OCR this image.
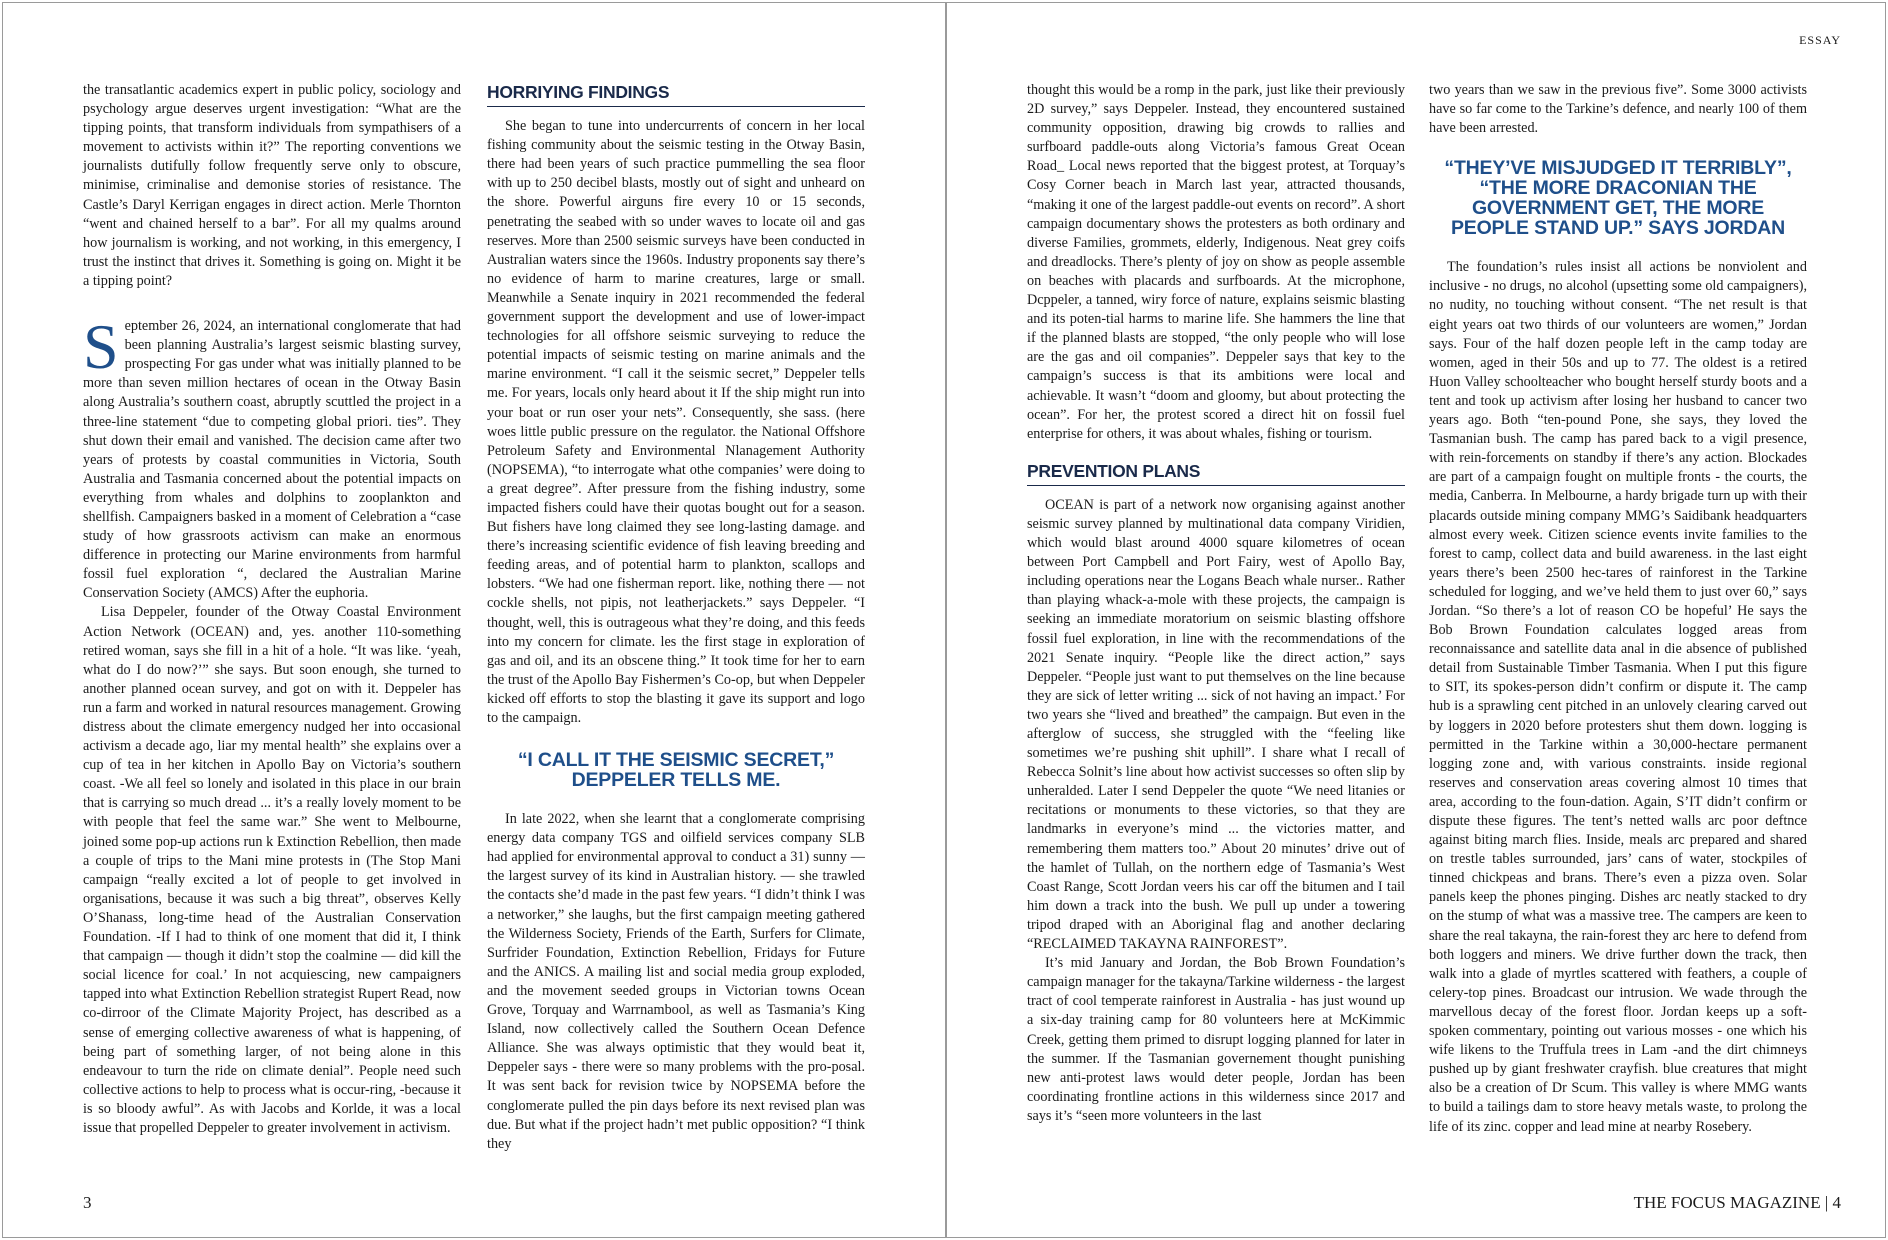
the transatlantic academics expert in public policy, sociology and psychology argue deserves urgent investigation: “What are the tipping points, that transform individuals from sympathisers of a movement to activists within it?” The reporting conventions we journalists dutifully follow frequently serve only to obscure, minimise, criminalise and demonise stories of resistance. The Castle’s Daryl Kerrigan engages in direct action. Merle Thornton “went and chained herself to a bar”. For all my qualms around how journalism is working, and not working, in this emergency, I trust the instinct that drives it. Something is going on. Might it be a tipping point?

September 26, 2024, an international conglomerate that had been planning Australia’s largest seismic blasting survey, prospecting For gas under what was initially planned to be more than seven million hectares of ocean in the Otway Basin along Australia’s southern coast, abruptly scuttled the project in a three-line statement “due to competing global priori. ties”. They shut down their email and vanished. The decision came after two years of protests by coastal communities in Victoria, South Australia and Tasmania concerned about the potential impacts on everything from whales and dolphins to zooplankton and shellfish. Campaigners basked in a moment of Celebration a “case study of how grassroots activism can make an enormous difference in protecting our Marine environments from harmful fossil fuel exploration “, declared the Australian Marine Conservation Society (AMCS) After the euphoria.

Lisa Deppeler, founder of the Otway Coastal Environment Action Network (OCEAN) and, yes. another 110-something retired woman, says she fill in a hit of a hole. “It was like. ‘yeah, what do I do now?’” she says. But soon enough, she turned to another planned ocean survey, and got on with it. Deppeler has run a farm and worked in natural resources management. Growing distress about the climate emergency nudged her into occasional activism a decade ago, liar my mental health” she explains over a cup of tea in her kitchen in Apollo Bay on Victoria’s southern coast. -We all feel so lonely and isolated in this place in our brain that is carrying so much dread ... it’s a really lovely moment to be with people that feel the same war.” She went to Melbourne, joined some pop-up actions run k Extinction Rebellion, then made a couple of trips to the Mani mine protests in (The Stop Mani campaign “really excited a lot of people to get involved in organisations, because it was such a big threat”, observes Kelly O’Shanass, long-time head of the Australian Conservation Foundation. -If I had to think of one moment that did it, I think that campaign — though it didn’t stop the coalmine — did kill the social licence for coal.’ In not acquiescing, new campaigners tapped into what Extinction Rebellion strategist Rupert Read, now co-dirroor of the Climate Majority Project, has described as a sense of emerging collective awareness of what is happening, of being part of something larger, of not being alone in this endeavour to turn the ride on climate denial”. People need such collective actions to help to process what is occur-ring, -because it is so bloody awful”. As with Jacobs and Korlde, it was a local issue that propelled Deppeler to greater involvement in activism.

HORRIYING FINDINGS

She began to tune into undercurrents of concern in her local fishing community about the seismic testing in the Otway Basin, there had been years of such practice pummelling the sea floor with up to 250 decibel blasts, mostly out of sight and unheard on the shore. Powerful airguns fire every 10 or 15 seconds, penetrating the seabed with so under waves to locate oil and gas reserves. More than 2500 seismic surveys have been conducted in Australian waters since the 1960s. Industry proponents say there’s no evidence of harm to marine creatures, large or small. Meanwhile a Senate inquiry in 2021 recommended the federal government support the development and use of lower-impact technologies for all offshore seismic surveying to reduce the potential impacts of seismic testing on marine animals and the marine environment. “I call it the seismic secret,” Deppeler tells me. For years, locals only heard about it If the ship might run into your boat or run oser your nets”. Consequently, she sass. (here woes little public pressure on the regulator. the National Offshore Petroleum Safety and Environmental Nlanagement Authority (NOPSEMA), “to interrogate what othe companies’ were doing to a great degree”. After pressure from the fishing industry, some impacted fishers could have their quotas bought out for a season. But fishers have long claimed they see long-lasting damage. and there’s increasing scientific evidence of fish leaving breeding and feeding areas, and of potential harm to plankton, scallops and lobsters. “We had one fisherman report. like, nothing there — not cockle shells, not pipis, not leatherjackets.” says Deppeler. “I thought, well, this is outrageous what they’re doing, and this feeds into my concern for climate. les the first stage in exploration of gas and oil, and its an obscene thing.” It took time for her to earn the trust of the Apollo Bay Fishermen’s Co-op, but when Deppeler kicked off efforts to stop the blasting it gave its support and logo to the campaign.

“I CALL IT THE SEISMIC SECRET,”
DEPPELER TELLS ME.

In late 2022, when she learnt that a conglomerate comprising energy data company TGS and oilfield services company SLB had applied for environmental approval to conduct a 31) sunny — the largest survey of its kind in Australian history. — she trawled the contacts she’d made in the past few years. “I didn’t think I was a networker,” she laughs, but the first campaign meeting gathered the Wilderness Society, Friends of the Earth, Surfers for Climate, Surfrider Foundation, Extinction Rebellion, Fridays for Future and the ANICS. A mailing list and social media group exploded, and the movement seeded groups in Victorian towns Ocean Grove, Torquay and Warrnambool, as well as Tasmania’s King Island, now collectively called the Southern Ocean Defence Alliance. She was always optimistic that they would beat it, Deppeler says - there were so many problems with the pro-posal. It was sent back for revision twice by NOPSEMA before the conglomerate pulled the pin days before its next revised plan was due. But what if the project hadn’t met public opposition? “I think they

3
ESSAY

thought this would be a romp in the park, just like their previously 2D survey,” says Deppeler. Instead, they encountered sustained community opposition, drawing big crowds to rallies and surfboard paddle-outs along Victoria’s famous Great Ocean Road_ Local news reported that the biggest protest, at Torquay’s Cosy Corner beach in March last year, attracted thousands, “making it one of the largest paddle-out events on record”. A short campaign documentary shows the protesters as both ordinary and diverse Families, grommets, elderly, Indigenous. Neat grey coifs and dreadlocks. There’s plenty of joy on show as people assemble on beaches with placards and surfboards. At the microphone, Dcppeler, a tanned, wiry force of nature, explains seismic blasting and its poten-tial harms to marine life. She hammers the line that if the planned blasts are stopped, “the only people who will lose are the gas and oil companies”. Deppeler says that key to the campaign’s success is that its ambitions were local and achievable. It wasn’t “doom and gloomy, but about protecting the ocean”. For her, the protest scored a direct hit on fossil fuel enterprise for others, it was about whales, fishing or tourism.

PREVENTION PLANS

OCEAN is part of a network now organising against another seismic survey planned by multinational data company Viridien, which would blast around 4000 square kilometres of ocean between Port Campbell and Port Fairy, west of Apollo Bay, including operations near the Logans Beach whale nurser.. Rather than playing whack-a-mole with these projects, the campaign is seeking an immediate moratorium on seismic blasting offshore fossil fuel exploration, in line with the recommendations of the 2021 Senate inquiry. “People like the direct action,” says Deppeler. “People just want to put themselves on the line because they are sick of letter writing ... sick of not having an impact.’ For two years she “lived and breathed” the campaign. But even in the afterglow of success, she struggled with the “feeling like sometimes we’re pushing shit uphill”. I share what I recall of Rebecca Solnit’s line about how activist successes so often slip by unheralded. Later I send Deppeler the quote “We need litanies or recitations or monuments to these victories, so that they are landmarks in everyone’s mind ... the victories matter, and remembering them matters too.” About 20 minutes’ drive out of the hamlet of Tullah, on the northern edge of Tasmania’s West Coast Range, Scott Jordan veers his car off the bitumen and I tail him down a track into the bush. We pull up under a towering tripod draped with an Aboriginal flag and another declaring “RECLAIMED TAKAYNA RAINFOREST”.

It’s mid January and Jordan, the Bob Brown Foundation’s campaign manager for the takayna/Tarkine wilderness - the largest tract of cool temperate rainforest in Australia - has just wound up a six-day training camp for 80 volunteers here at McKimmic Creek, getting them primed to disrupt logging planned for later in the summer. If the Tasmanian governement thought punishing new anti-protest laws would deter people, Jordan has been coordinating frontline actions in this wilderness since 2017 and says it’s “seen more volunteers in the last

two years than we saw in the previous five”. Some 3000 activists have so far come to the Tarkine’s defence, and nearly 100 of them have been arrested.

“THEY’VE MISJUDGED IT TERRIBLY”,
“THE MORE DRACONIAN THE
GOVERNMENT GET, THE MORE
PEOPLE STAND UP.” SAYS JORDAN

The foundation’s rules insist all actions be nonviolent and inclusive - no drugs, no alcohol (upsetting some old campaigners), no nudity, no touching without consent. “The net result is that eight years oat two thirds of our volunteers are women,” Jordan says. Four of the half dozen people left in the camp today are women, aged in their 50s and up to 77. The oldest is a retired Huon Valley schoolteacher who bought herself sturdy boots and a tent and took up activism after losing her husband to cancer two years ago. Both “ten-pound Pone, she says, they loved the Tasmanian bush. The camp has pared back to a vigil presence, with rein-forcements on standby if there’s any action. Blockades are part of a campaign fought on multiple fronts - the courts, the media, Canberra. In Melbourne, a hardy brigade turn up with their placards outside mining company MMG’s Saidibank headquarters almost every week. Citizen science events invite families to the forest to camp, collect data and build awareness. in the last eight years there’s been 2500 hec-tares of rainforest in the Tarkine scheduled for logging, and we’ve held them to just over 60,” says Jordan. “So there’s a lot of reason CO be hopeful’ He says the Bob Brown Foundation calculates logged areas from reconnaissance and satellite data anal in die absence of published detail from Sustainable Timber Tasmania. When I put this figure to SIT, its spokes-person didn’t confirm or dispute it. The camp hub is a sprawling cent pitched in an unlovely clearing carved out by loggers in 2020 before protesters shut them down. logging is permitted in the Tarkine within a 30,000-hectare permanent logging zone and, with various constraints. inside regional reserves and conservation areas covering almost 10 times that area, according to the foun-dation. Again, S’IT didn’t confirm or dispute these figures. The tent’s netted walls arc poor deftnce against biting march flies. Inside, meals arc prepared and shared on trestle tables surrounded, jars’ cans of water, stockpiles of tinned chickpeas and brans. There’s even a pizza oven. Solar panels keep the phones pinging. Dishes arc neatly stacked to dry on the stump of what was a massive tree. The campers are keen to share the real takayna, the rain-forest they arc here to defend from both loggers and miners. We drive further down the track, then walk into a glade of myrtles scattered with feathers, a couple of celery-top pines. Broadcast our intrusion. We wade through the marvellous decay of the forest floor. Jordan keeps up a soft-spoken commentary, pointing out various mosses - one which his wife likens to the Truffula trees in Lam -and the dirt chimneys pushed up by giant freshwater crayfish. blue creatures that might also be a creation of Dr Scum. This valley is where MMG wants to build a tailings dam to store heavy metals waste, to prolong the life of its zinc. copper and lead mine at nearby Rosebery.

THE FOCUS MAGAZINE | 4
